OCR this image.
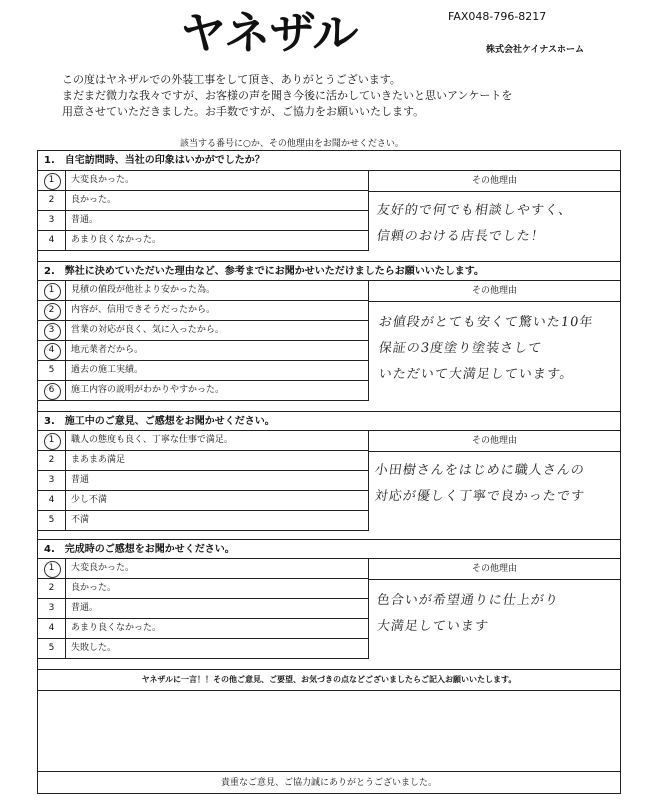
ヤネザル	FAX048-796-8217
株式会社ケイナスホーム
この度はヤネザルでの外装工事をして頂き、ありがとうございます。
まだまだ微力な我々ですが、お客様の声を聞き今後に活かしていきたいと思いアンケートを
用意させていただきました。お手数ですが、ご協力をお願いいたします。
該当する番号に○か、その他理由をお聞かせください。
1.　自宅訪問時、当社の印象はいかがでしたか？
1	大変良かった。
2	良かった。
3	普通。
4	あまり良くなかった。
その他理由
友好的で何でも相談しやすく、
信頼のおける店長でした！
2.　弊社に決めていただいた理由など、参考までにお聞かせいただけましたらお願いいたします。
1	見積の値段が他社より安かった為。
2	内容が、信用できそうだったから。
3	営業の対応が良く、気に入ったから。
4	地元業者だから。
5	過去の施工実績。
6	施工内容の説明がわかりやすかった。
その他理由
お値段がとても安くて驚いた10年
保証の3度塗り塗装さして
いただいて大満足しています。
3.　施工中のご意見、ご感想をお聞かせください。
1	職人の態度も良く、丁寧な仕事で満足。
2	まあまあ満足
3	普通
4	少し不満
5	不満
その他理由
小田樹さんをはじめに職人さんの
対応が優しく丁寧で良かったです
4.　完成時のご感想をお聞かせください。
1	大変良かった。
2	良かった。
3	普通。
4	あまり良くなかった。
5	失敗した。
その他理由
色合いが希望通りに仕上がり
大満足しています
ヤネザルに一言！！その他ご意見、ご要望、お気づきの点などございましたらご記入お願いいたします。
貴重なご意見、ご協力誠にありがとうございました。
